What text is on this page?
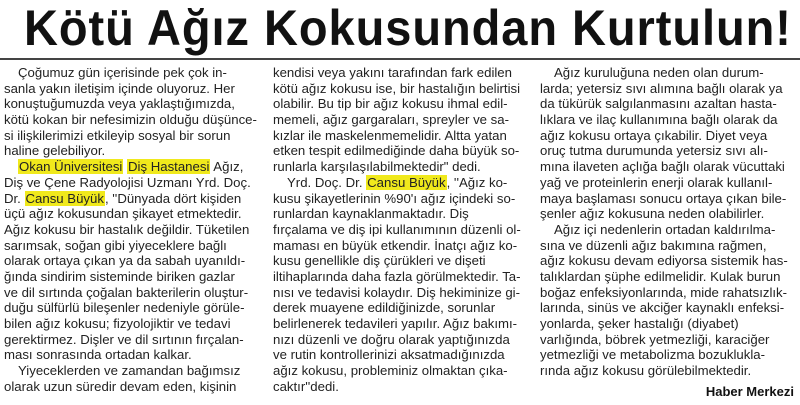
Kötü Ağız Kokusundan Kurtulun!
Çoğumuz gün içerisinde pek çok in-
sanla yakın iletişim içinde oluyoruz. Her
konuştuğumuzda veya yaklaştığımızda,
kötü kokan bir nefesimizin olduğu düşünce-
si ilişkilerimizi etkileyip sosyal bir sorun
haline gelebiliyor.
Okan Üniversitesi Diş Hastanesi Ağız,
Diş ve Çene Radyolojisi Uzmanı Yrd. Doç.
Dr. Cansu Büyük, ''Dünyada dört kişiden
üçü ağız kokusundan şikayet etmektedir.
Ağız kokusu bir hastalık değildir. Tüketilen
sarımsak, soğan gibi yiyeceklere bağlı
olarak ortaya çıkan ya da sabah uyanıldı-
ğında sindirim sisteminde biriken gazlar
ve dil sırtında çoğalan bakterilerin oluştur-
duğu sülfürlü bileşenler nedeniyle görüle-
bilen ağız kokusu; fizyolojiktir ve tedavi
gerektirmez. Dişler ve dil sırtının fırçalan-
ması sonrasında ortadan kalkar.
Yiyeceklerden ve zamandan bağımsız
olarak uzun süredir devam eden, kişinin
kendisi veya yakını tarafından fark edilen
kötü ağız kokusu ise, bir hastalığın belirtisi
olabilir. Bu tip bir ağız kokusu ihmal edil-
memeli, ağız gargaraları, spreyler ve sa-
kızlar ile maskelenmemelidir. Altta yatan
etken tespit edilmediğinde daha büyük so-
runlarla karşılaşılabilmektedir" dedi.
Yrd. Doç. Dr. Cansu Büyük, ''Ağız ko-
kusu şikayetlerinin %90'ı ağız içindeki so-
runlardan kaynaklanmaktadır. Diş
fırçalama ve diş ipi kullanımının düzenli ol-
maması en büyük etkendir. İnatçı ağız ko-
kusu genellikle diş çürükleri ve dişeti
iltihaplarında daha fazla görülmektedir. Ta-
nısı ve tedavisi kolaydır. Diş hekiminize gi-
derek muayene edildiğinizde, sorunlar
belirlenerek tedavileri yapılır. Ağız bakımı-
nızı düzenli ve doğru olarak yaptığınızda
ve rutin kontrollerinizi aksatmadığınızda
ağız kokusu, probleminiz olmaktan çıka-
caktır''dedi.
Ağız kuruluğuna neden olan durum-
larda; yetersiz sıvı alımına bağlı olarak ya
da tükürük salgılanmasını azaltan hasta-
lıklara ve ilaç kullanımına bağlı olarak da
ağız kokusu ortaya çıkabilir. Diyet veya
oruç tutma durumunda yetersiz sıvı alı-
mına ilaveten açlığa bağlı olarak vücuttaki
yağ ve proteinlerin enerji olarak kullanıl-
maya başlaması sonucu ortaya çıkan bile-
şenler ağız kokusuna neden olabilirler.
Ağız içi nedenlerin ortadan kaldırılma-
sına ve düzenli ağız bakımına rağmen,
ağız kokusu devam ediyorsa sistemik has-
talıklardan şüphe edilmelidir. Kulak burun
boğaz enfeksiyonlarında, mide rahatsızlık-
larında, sinüs ve akciğer kaynaklı enfeksi-
yonlarda, şeker hastalığı (diyabet)
varlığında, böbrek yetmezliği, karaciğer
yetmezliği ve metabolizma bozuklukla-
rında ağız kokusu görülebilmektedir.
Haber Merkezi
